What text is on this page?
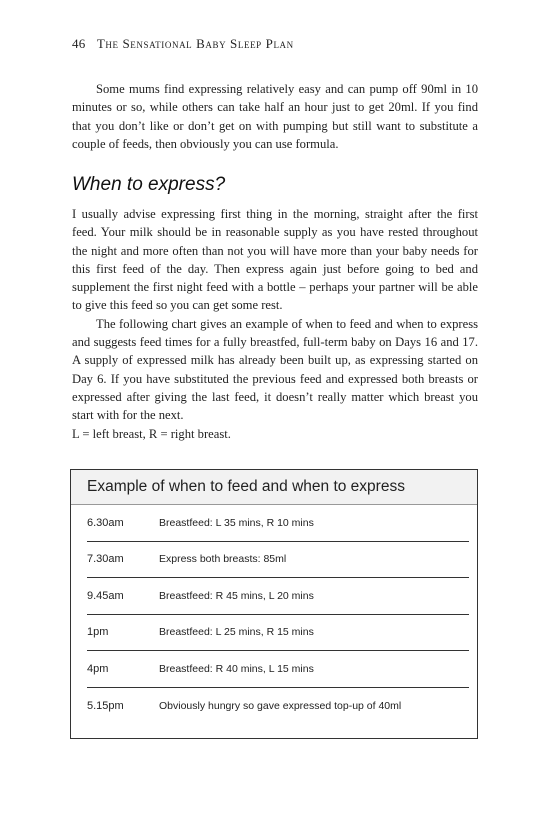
46 The Sensational Baby Sleep Plan

Some mums find expressing relatively easy and can pump off 90ml in 10 minutes or so, while others can take half an hour just to get 20ml. If you find that you don’t like or don’t get on with pumping but still want to substitute a couple of feeds, then obviously you can use formula.

When to express?

I usually advise expressing first thing in the morning, straight after the first feed. Your milk should be in reasonable supply as you have rested throughout the night and more often than not you will have more than your baby needs for this first feed of the day. Then express again just before going to bed and supplement the first night feed with a bottle – perhaps your partner will be able to give this feed so you can get some rest.

The following chart gives an example of when to feed and when to express and suggests feed times for a fully breastfed, full-term baby on Days 16 and 17. A supply of expressed milk has already been built up, as expressing started on Day 6. If you have substituted the previous feed and expressed both breasts or expressed after giving the last feed, it doesn’t really matter which breast you start with for the next.

L = left breast, R = right breast.

Example of when to feed and when to express
6.30am	Breastfeed: L 35 mins, R 10 mins
7.30am	Express both breasts: 85ml
9.45am	Breastfeed: R 45 mins, L 20 mins
1pm	Breastfeed: L 25 mins, R 15 mins
4pm	Breastfeed: R 40 mins, L 15 mins
5.15pm	Obviously hungry so gave expressed top-up of 40ml
